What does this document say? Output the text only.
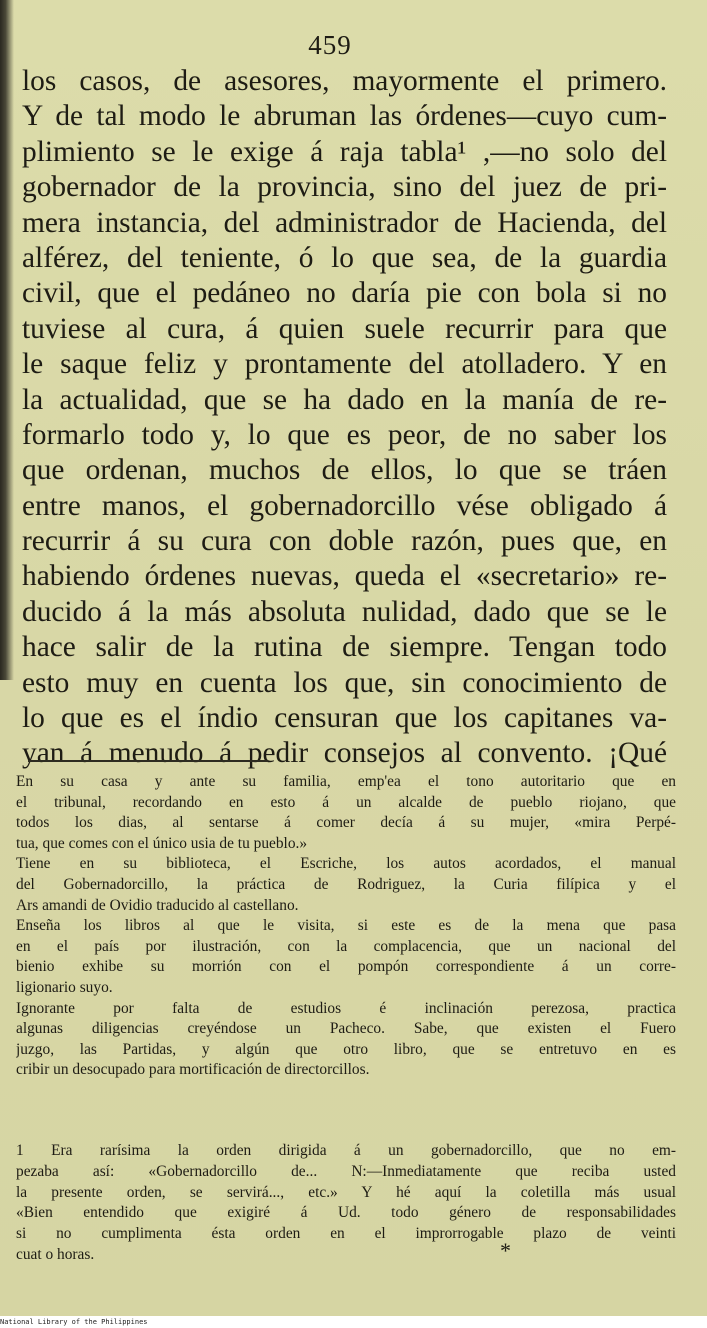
459
los casos, de asesores, mayormente el primero.
Y de tal modo le abruman las órdenes—cuyo cum-
plimiento se le exige á raja tabla¹ ,—no solo del
gobernador de la provincia, sino del juez de pri-
mera instancia, del administrador de Hacienda, del
alférez, del teniente, ó lo que sea, de la guardia
civil, que el pedáneo no daría pie con bola si no
tuviese al cura, á quien suele recurrir para que
le saque feliz y prontamente del atolladero. Y en
la actualidad, que se ha dado en la manía de re-
formarlo todo y, lo que es peor, de no saber los
que ordenan, muchos de ellos, lo que se tráen
entre manos, el gobernadorcillo vése obligado á
recurrir á su cura con doble razón, pues que, en
habiendo órdenes nuevas, queda el «secretario» re-
ducido á la más absoluta nulidad, dado que se le
hace salir de la rutina de siempre. Tengan todo
esto muy en cuenta los que, sin conocimiento de
lo que es el índio censuran que los capitanes va-
yan á menudo á pedir consejos al convento. ¡Qué
En su casa y ante su familia, emp'ea el tono autoritario que en
el tribunal, recordando en esto á un alcalde de pueblo riojano, que
todos los dias, al sentarse á comer decía á su mujer, «mira Perpé-
tua, que comes con el único usia de tu pueblo.»
Tiene en su biblioteca, el Escriche, los autos acordados, el manual
del Gobernadorcillo, la práctica de Rodriguez, la Curia filípica y el
Ars amandi de Ovidio traducido al castellano.
Enseña los libros al que le visita, si este es de la mena que pasa
en el país por ilustración, con la complacencia, que un nacional del
bienio exhibe su morrión con el pompón correspondiente á un corre-
ligionario suyo.
Ignorante por falta de estudios é inclinación perezosa, practica
algunas diligencias creyéndose un Pacheco. Sabe, que existen el Fuero
juzgo, las Partidas, y algún que otro libro, que se entretuvo en es
cribir un desocupado para mortificación de directorcillos.
1 Era rarísima la orden dirigida á un gobernadorcillo, que no em-
pezaba así: «Gobernadorcillo de... N:—Inmediatamente que reciba usted
la presente orden, se servirá..., etc.» Y hé aquí la coletilla más usual
«Bien entendido que exigiré á Ud. todo género de responsabilidades
si no cumplimenta ésta orden en el improrrogable plazo de veinti
cuat o horas.	*
National Library of the Philippines
